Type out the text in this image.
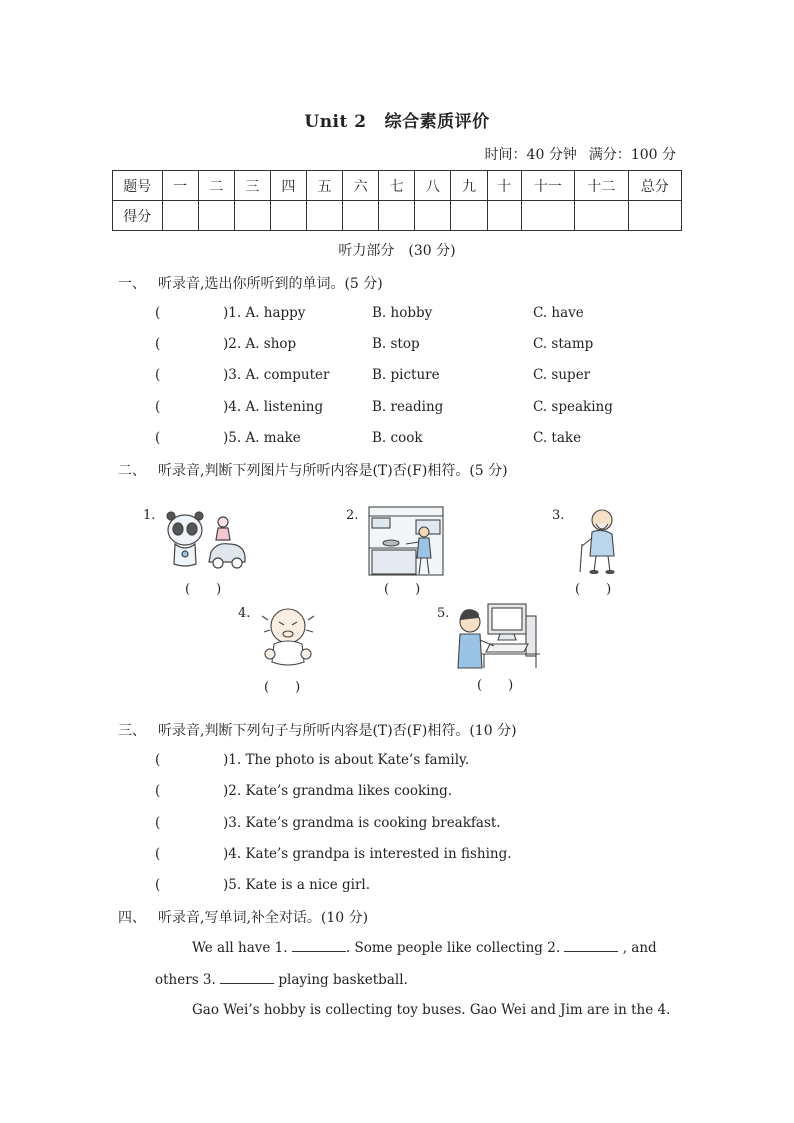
Unit 2 综合素质评价
时间：40 分钟 满分：100 分
题号	一	二	三	四	五	六	七	八	九	十	十一	十二	总分
得分													
听力部分　(30 分)
一、 听录音,选出你所听到的单词。(5 分)
(	)1. A. happy	B. hobby	C. have
(	)2. A. shop	B. stop	C. stamp
(	)3. A. computer	B. picture	C. super
(	)4. A. listening	B. reading	C. speaking
(	)5. A. make	B. cook	C. take
二、 听录音,判断下列图片与所听内容是(T)否(F)相符。(5 分)
1.
(　　)
2.
(　　)
3.
(　　)
4.
(　　)
5.
(　　)
三、 听录音,判断下列句子与所听内容是(T)否(F)相符。(10 分)
(	)1. The photo is about Kate’s family.
(	)2. Kate’s grandma likes cooking.
(	)3. Kate’s grandma is cooking breakfast.
(	)4. Kate’s grandpa is interested in fishing.
(	)5. Kate is a nice girl.
四、 听录音,写单词,补全对话。(10 分)
We all have 1.	. Some people like collecting 2.	, and
others 3.	playing basketball.
Gao Wei’s hobby is collecting toy buses. Gao Wei and Jim are in the 4.
